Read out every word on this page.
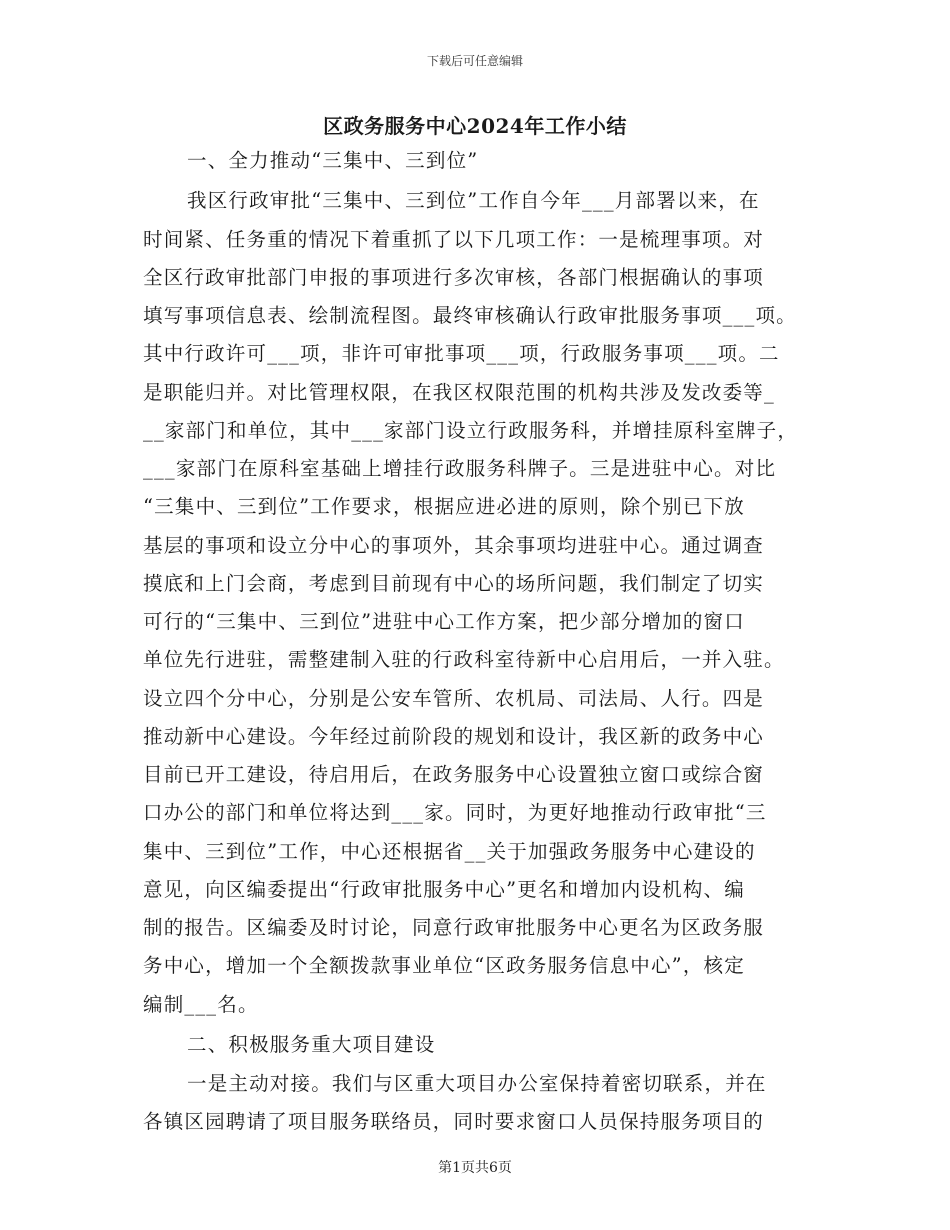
下载后可任意编辑
区政务服务中心2024年工作小结
一、全力推动“三集中、三到位”
我区行政审批“三集中、三到位”工作自今年___月部署以来，在
时间紧、任务重的情况下着重抓了以下几项工作：一是梳理事项。对
全区行政审批部门申报的事项进行多次审核，各部门根据确认的事项
填写事项信息表、绘制流程图。最终审核确认行政审批服务事项___项。
其中行政许可___项，非许可审批事项___项，行政服务事项___项。二
是职能归并。对比管理权限，在我区权限范围的机构共涉及发改委等_
__家部门和单位，其中___家部门设立行政服务科，并增挂原科室牌子，
___家部门在原科室基础上增挂行政服务科牌子。三是进驻中心。对比
“三集中、三到位”工作要求，根据应进必进的原则，除个别已下放
基层的事项和设立分中心的事项外，其余事项均进驻中心。通过调查
摸底和上门会商，考虑到目前现有中心的场所问题，我们制定了切实
可行的“三集中、三到位”进驻中心工作方案，把少部分增加的窗口
单位先行进驻，需整建制入驻的行政科室待新中心启用后，一并入驻。
设立四个分中心，分别是公安车管所、农机局、司法局、人行。四是
推动新中心建设。今年经过前阶段的规划和设计，我区新的政务中心
目前已开工建设，待启用后，在政务服务中心设置独立窗口或综合窗
口办公的部门和单位将达到___家。同时，为更好地推动行政审批“三
集中、三到位”工作，中心还根据省__关于加强政务服务中心建设的
意见，向区编委提出“行政审批服务中心”更名和增加内设机构、编
制的报告。区编委及时讨论，同意行政审批服务中心更名为区政务服
务中心，增加一个全额拨款事业单位“区政务服务信息中心”，核定
编制___名。
二、积极服务重大项目建设
一是主动对接。我们与区重大项目办公室保持着密切联系，并在
各镇区园聘请了项目服务联络员，同时要求窗口人员保持服务项目的
第1页共6页
